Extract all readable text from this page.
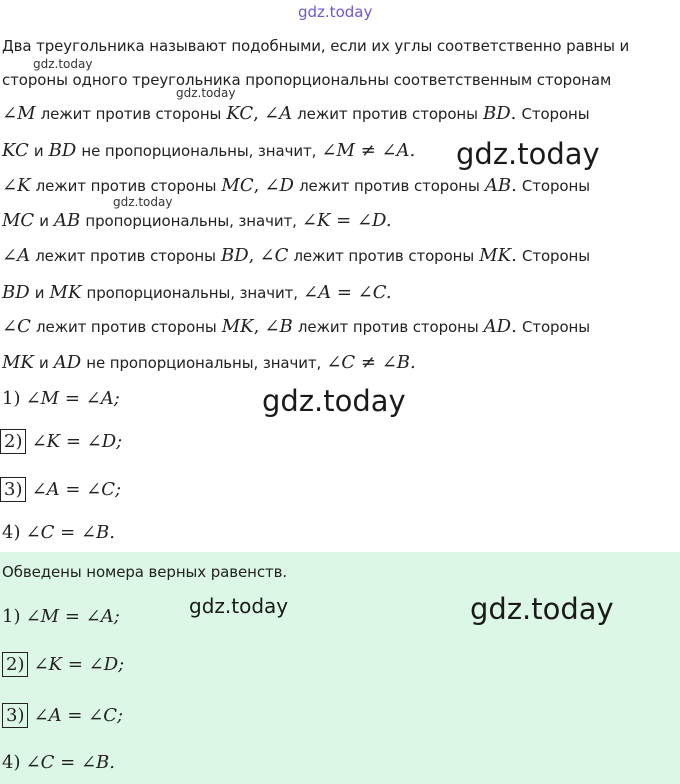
gdz.today
Два треугольника называют подобными, если их углы соответственно равны и
gdz.today
стороны одного треугольника пропорциональны соответственным сторонам
gdz.today
∠M лежит против стороны KC, ∠A лежит против стороны BD. Стороны
KC и BD не пропорциональны, значит, ∠M ≠ ∠A. gdz.today
∠K лежит против стороны MC, ∠D лежит против стороны AB. Стороны
gdz.today
MC и AB пропорциональны, значит, ∠K = ∠D.
∠A лежит против стороны BD, ∠C лежит против стороны MK. Стороны
BD и MK пропорциональны, значит, ∠A = ∠C.
∠C лежит против стороны MK, ∠B лежит против стороны AD. Стороны
MK и AD не пропорциональны, значит, ∠C ≠ ∠B.
1) ∠M = ∠A;	gdz.today
2) ∠K = ∠D;
3) ∠A = ∠C;
4) ∠C = ∠B.
Обведены номера верных равенств.
1) ∠M = ∠A;	gdz.today	gdz.today
2) ∠K = ∠D;
3) ∠A = ∠C;
4) ∠C = ∠B.
